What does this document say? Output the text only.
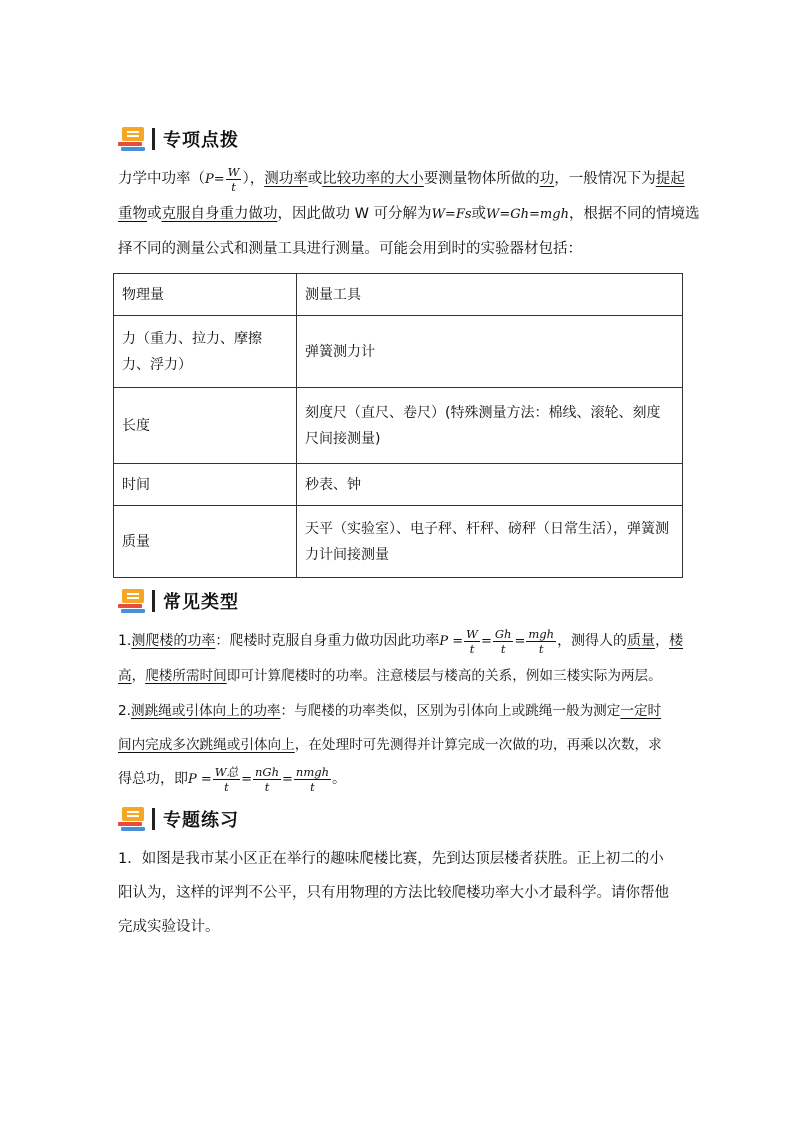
专项点拨
力学中功率（$P= \frac{W}{t}$ ），测功率或比较功率的大小要测量物体所做的功，一般情况下为提起
重物或克服自身重力做功，因此做功 W 可分解为W=Fs或W=Gh=mgh，根据不同的情境选
择不同的测量公式和测量工具进行测量。可能会用到时的实验器材包括：
物理量	测量工具
力（重力、拉力、摩擦力、浮力）	弹簧测力计
长度	刻度尺（直尺、卷尺）(特殊测量方法：棉线、滚轮、刻度尺间接测量)
时间	秒表、钟
质量	天平（实验室）、电子秤、杆秤、磅秤（日常生活），弹簧测力计间接测量
常见类型
1.测爬楼的功率：爬楼时克服自身重力做功因此功率$P = \frac{W}{t} = \frac{Gh}{t} = \frac{\text{mgh}}{t}$ ，测得人的质量，楼
高，爬楼所需时间即可计算爬楼时的功率。注意楼层与楼高的关系，例如三楼实际为两层。
2.测跳绳或引体向上的功率：与爬楼的功率类似，区别为引体向上或跳绳一般为测定一定时
间内完成多次跳绳或引体向上，在处理时可先测得并计算完成一次做的功，再乘以次数，求
得总功，即$P = \frac{\text{W总}}{t} = \frac{\text{nGh}}{t} = \frac{\text{nmgh}}{t}$ 。
专题练习
1．如图是我市某小区正在举行的趣味爬楼比赛，先到达顶层楼者获胜。正上初二的小阳认为，这样的评判不公平，只有用物理的方法比较爬楼功率大小才最科学。请你帮他完成实验设计。
